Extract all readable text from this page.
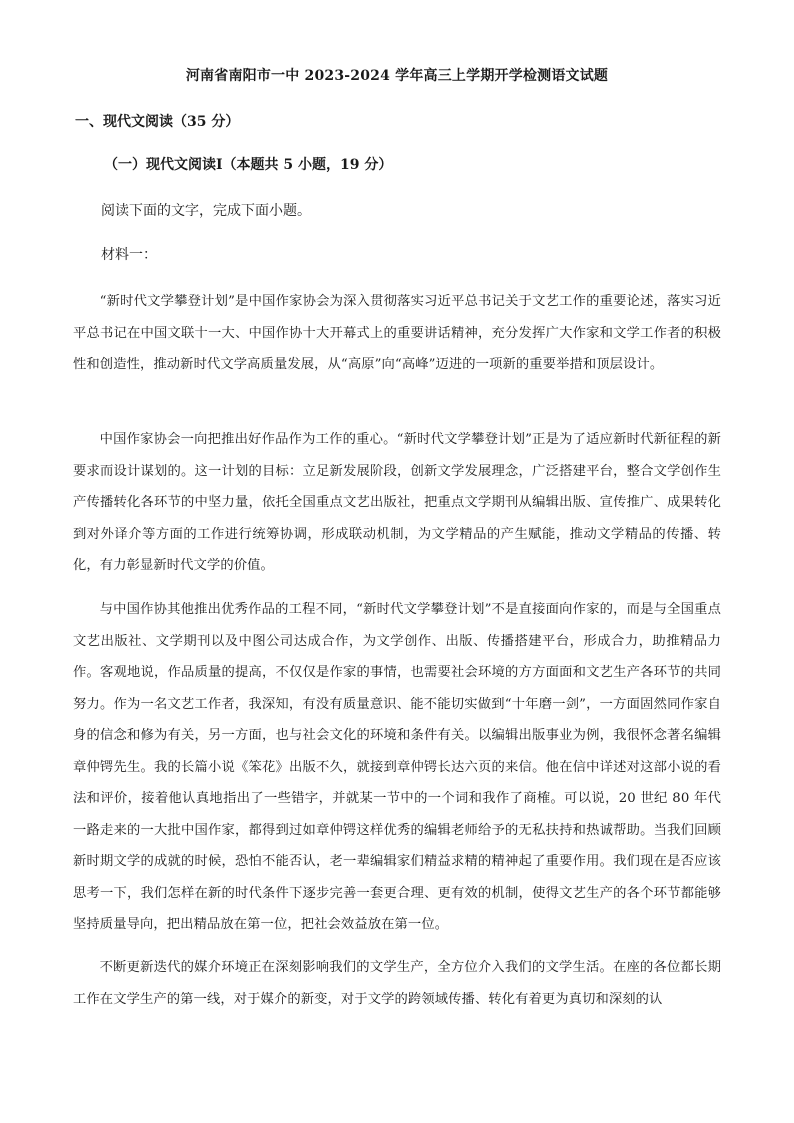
河南省南阳市一中 2023-2024 学年高三上学期开学检测语文试题
一、现代文阅读（35 分）
（一）现代文阅读Ⅰ（本题共 5 小题，19 分）
阅读下面的文字，完成下面小题。
材料一：

“新时代文学攀登计划”是中国作家协会为深入贯彻落实习近平总书记关于文艺工作的重要论述，落实习近平总书记在中国文联十一大、中国作协十大开幕式上的重要讲话精神，充分发挥广大作家和文学工作者的积极性和创造性，推动新时代文学高质量发展，从“高原”向“高峰”迈进的一项新的重要举措和顶层设计。

中国作家协会一向把推出好作品作为工作的重心。“新时代文学攀登计划”正是为了适应新时代新征程的新要求而设计谋划的。这一计划的目标：立足新发展阶段，创新文学发展理念，广泛搭建平台，整合文学创作生产传播转化各环节的中坚力量，依托全国重点文艺出版社，把重点文学期刊从编辑出版、宣传推广、成果转化到对外译介等方面的工作进行统筹协调，形成联动机制，为文学精品的产生赋能，推动文学精品的传播、转化，有力彰显新时代文学的价值。

与中国作协其他推出优秀作品的工程不同，“新时代文学攀登计划”不是直接面向作家的，而是与全国重点文艺出版社、文学期刊以及中图公司达成合作，为文学创作、出版、传播搭建平台，形成合力，助推精品力作。客观地说，作品质量的提高，不仅仅是作家的事情，也需要社会环境的方方面面和文艺生产各环节的共同努力。作为一名文艺工作者，我深知，有没有质量意识、能不能切实做到“十年磨一剑”，一方面固然同作家自身的信念和修为有关，另一方面，也与社会文化的环境和条件有关。以编辑出版事业为例，我很怀念著名编辑章仲锷先生。我的长篇小说《笨花》出版不久，就接到章仲锷长达六页的来信。他在信中详述对这部小说的看法和评价，接着他认真地指出了一些错字，并就某一节中的一个词和我作了商榷。可以说，20 世纪 80 年代一路走来的一大批中国作家，都得到过如章仲锷这样优秀的编辑老师给予的无私扶持和热诚帮助。当我们回顾新时期文学的成就的时候，恐怕不能否认，老一辈编辑家们精益求精的精神起了重要作用。我们现在是否应该思考一下，我们怎样在新的时代条件下逐步完善一套更合理、更有效的机制，使得文艺生产的各个环节都能够坚持质量导向，把出精品放在第一位，把社会效益放在第一位。

不断更新迭代的媒介环境正在深刻影响我们的文学生产，全方位介入我们的文学生活。在座的各位都长期工作在文学生产的第一线，对于媒介的新变，对于文学的跨领域传播、转化有着更为真切和深刻的认
